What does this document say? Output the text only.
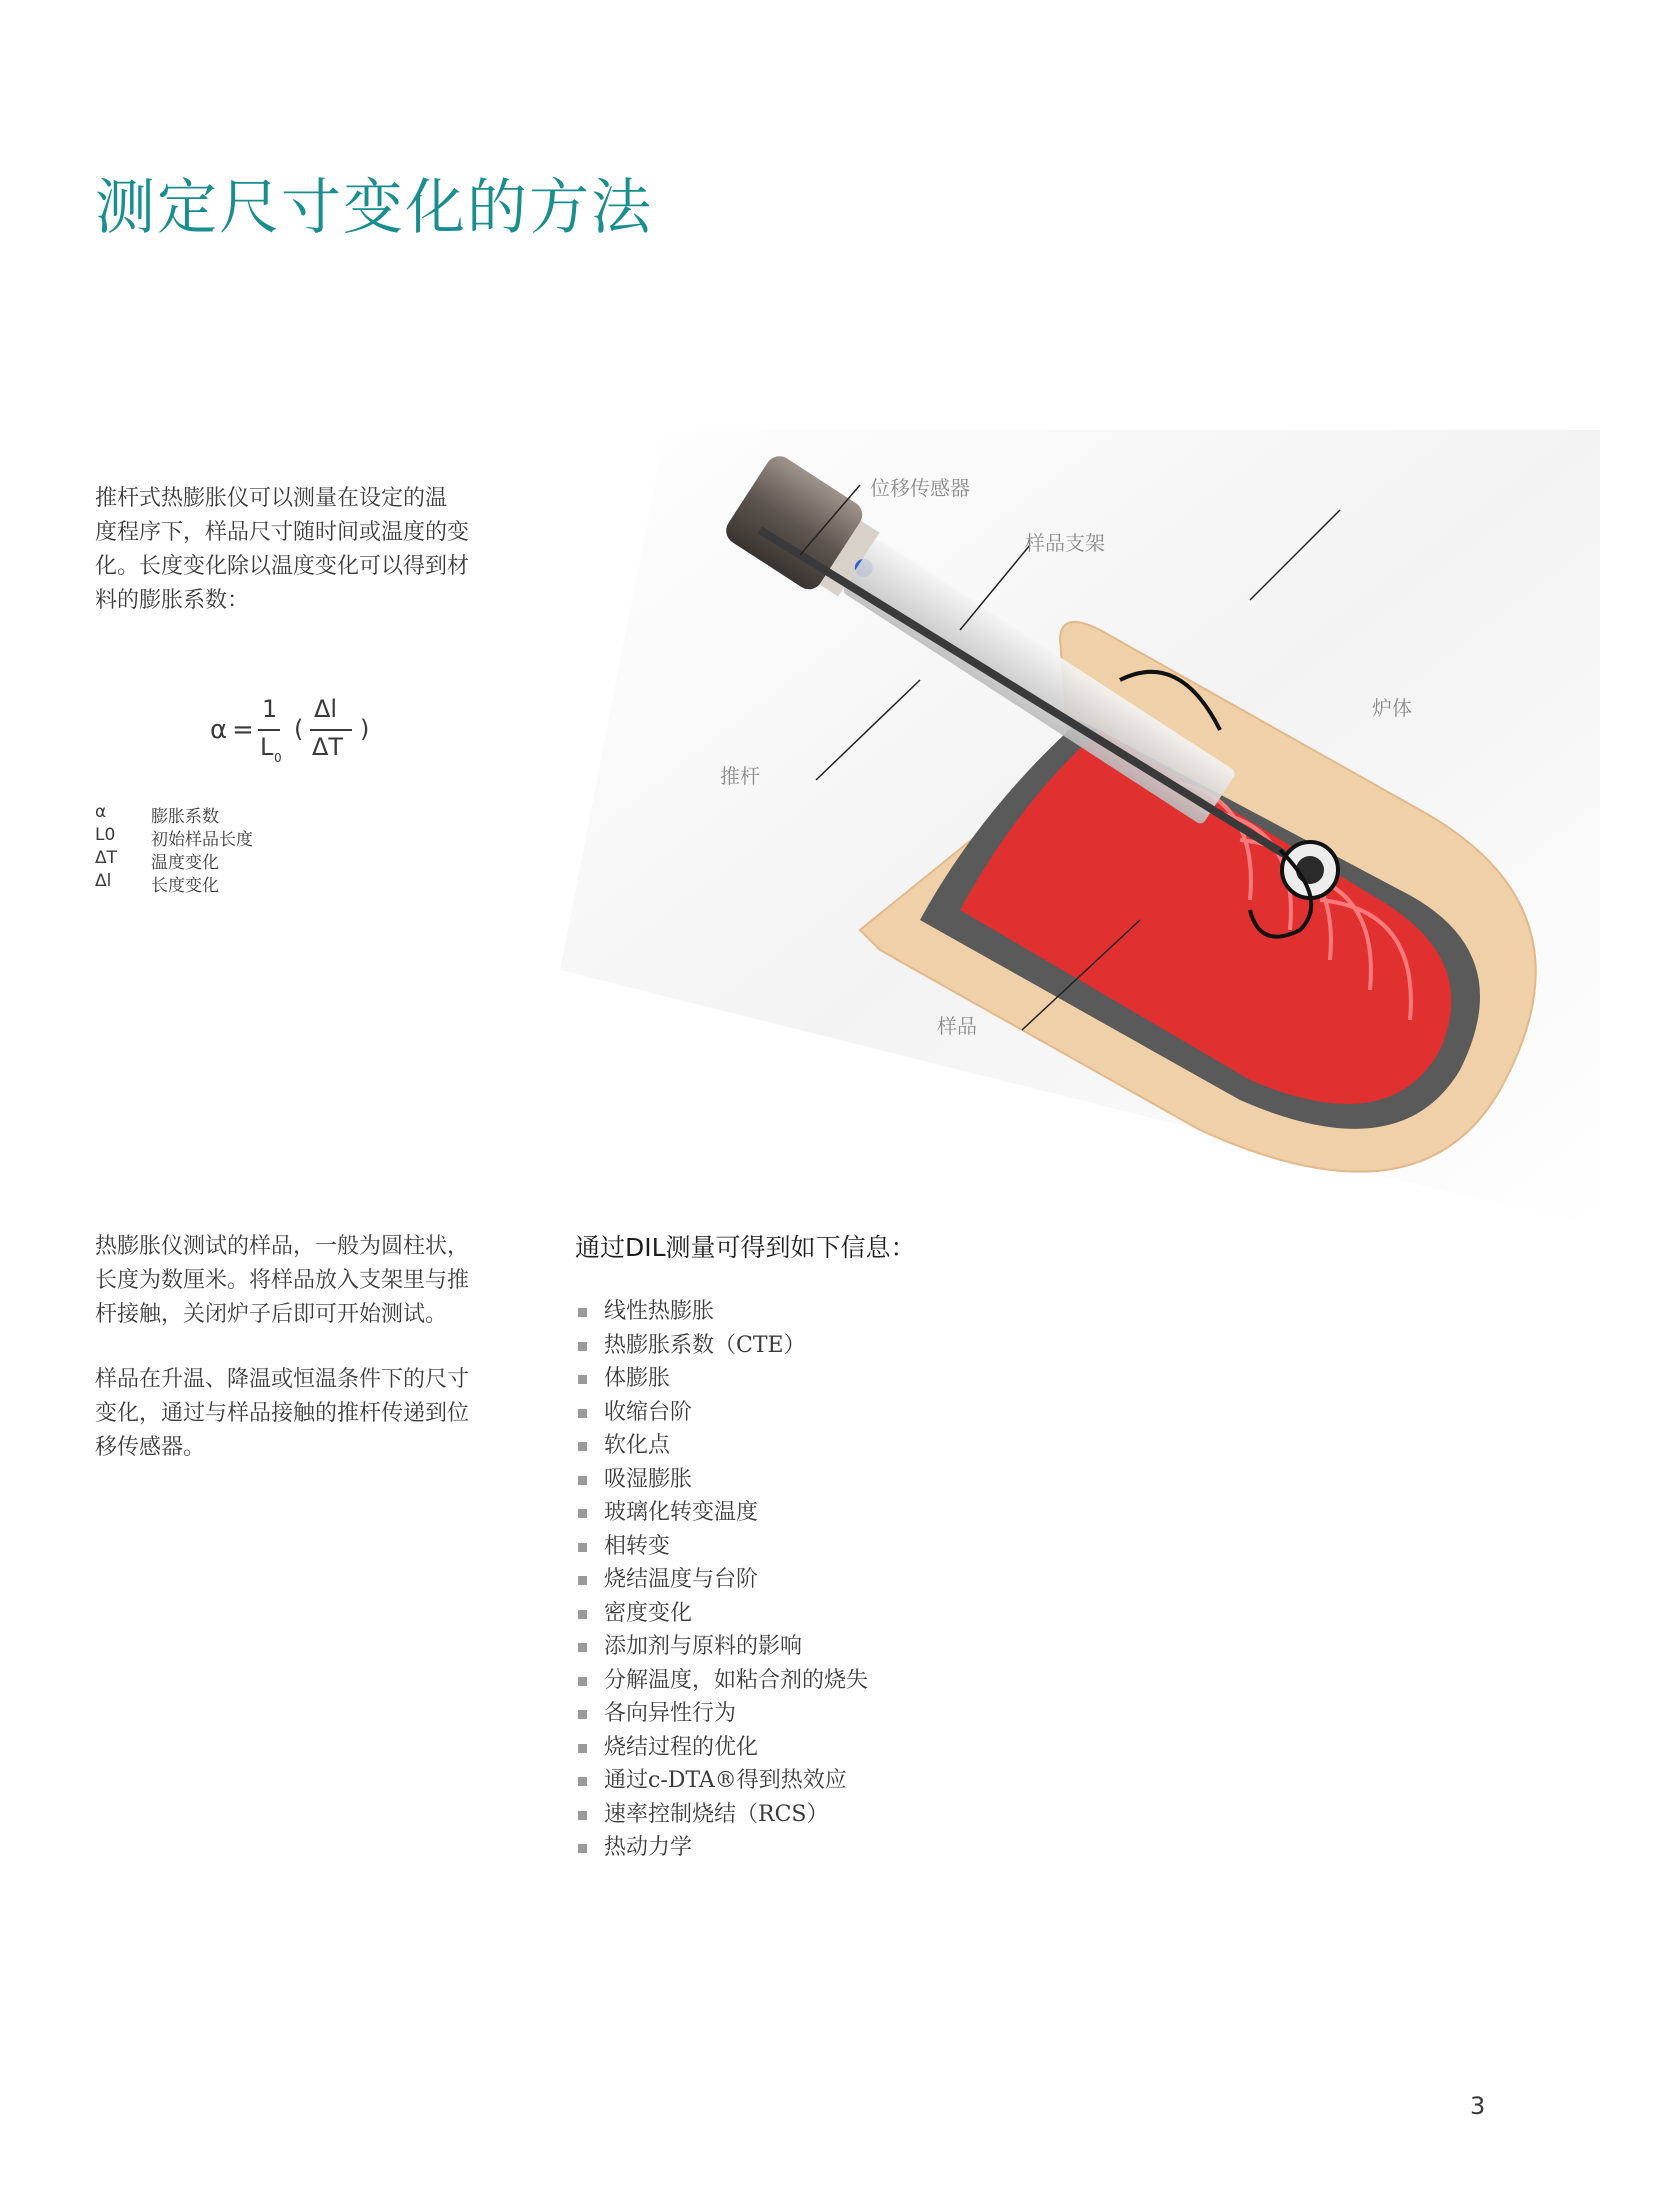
测定尺寸变化的方法

推杆式热膨胀仪可以测量在设定的温

度程序下，样品尺寸随时间或温度的变

化。长度变化除以温度变化可以得到材

料的膨胀系数：

α =
1
L 0
(
Δl
ΔT
)
α	膨胀系数
L0 初始样品长度
ΔT 温度变化
Δl 长度变化
位移传感器
样品支架
炉体
推杆
样品

热膨胀仪测试的样品，一般为圆柱状，

长度为数厘米。将样品放入支架里与推

杆接触，关闭炉子后即可开始测试。

样品在升温、降温或恒温条件下的尺寸

变化，通过与样品接触的推杆传递到位

移传感器。

通过DIL测量可得到如下信息：
线性热膨胀
热膨胀系数（CTE）
体膨胀
收缩台阶
软化点
吸湿膨胀
玻璃化转变温度
相转变
烧结温度与台阶
密度变化
添加剂与原料的影响
分解温度，如粘合剂的烧失
各向异性行为
烧结过程的优化
通过c-DTA®得到热效应
速率控制烧结（RCS）
热动力学
3
